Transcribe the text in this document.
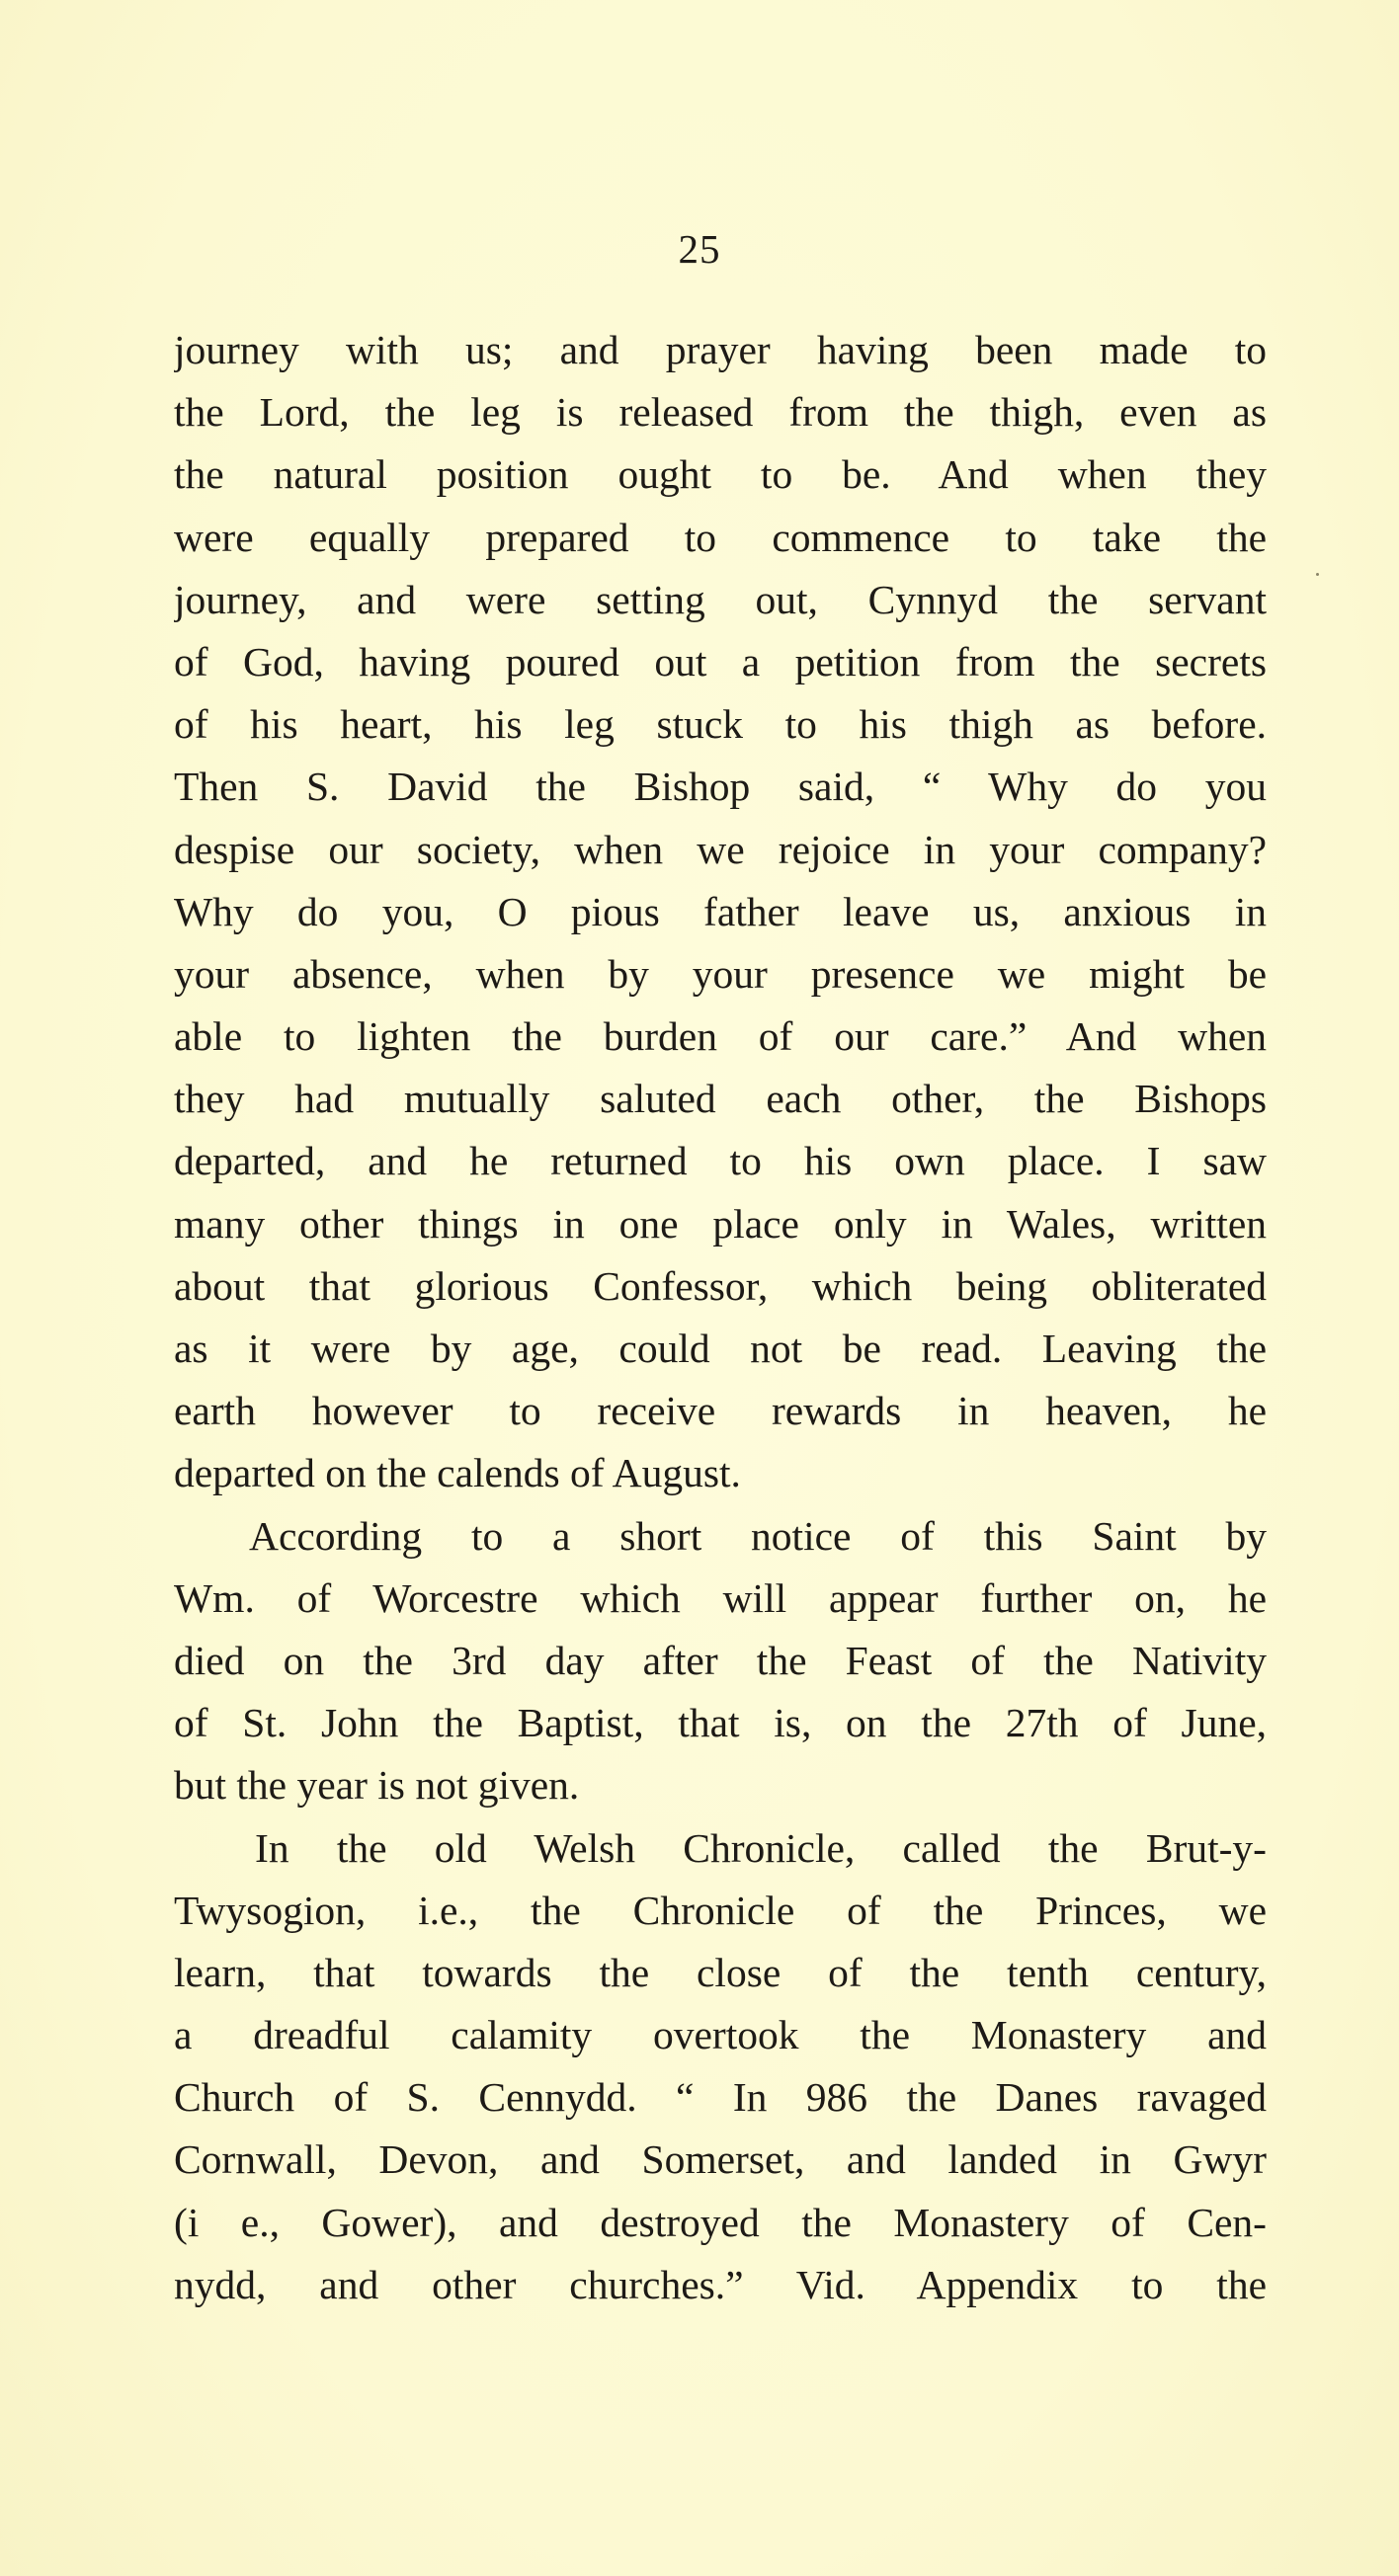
25
journey with us; and prayer having been made to
the Lord, the leg is released from the thigh, even as
the natural position ought to be. And when they
were equally prepared to commence to take the
journey, and were setting out, Cynnyd the servant
of God, having poured out a petition from the secrets
of his heart, his leg stuck to his thigh as before.
Then S. David the Bishop said, “ Why do you
despise our society, when we rejoice in your company?
Why do you, O pious father leave us, anxious in
your absence, when by your presence we might be
able to lighten the burden of our care.” And when
they had mutually saluted each other, the Bishops
departed, and he returned to his own place. I saw
many other things in one place only in Wales, written
about that glorious Confessor, which being obliterated
as it were by age, could not be read. Leaving the
earth however to receive rewards in heaven, he
departed on the calends of August.
According to a short notice of this Saint by
Wm. of Worcestre which will appear further on, he
died on the 3rd day after the Feast of the Nativity
of St. John the Baptist, that is, on the 27th of June,
but the year is not given.
In the old Welsh Chronicle, called the Brut-y-
Twysogion, i.e., the Chronicle of the Princes, we
learn, that towards the close of the tenth century,
a dreadful calamity overtook the Monastery and
Church of S. Cennydd. “ In 986 the Danes ravaged
Cornwall, Devon, and Somerset, and landed in Gwyr
(i e., Gower), and destroyed the Monastery of Cen-
nydd, and other churches.” Vid. Appendix to the
